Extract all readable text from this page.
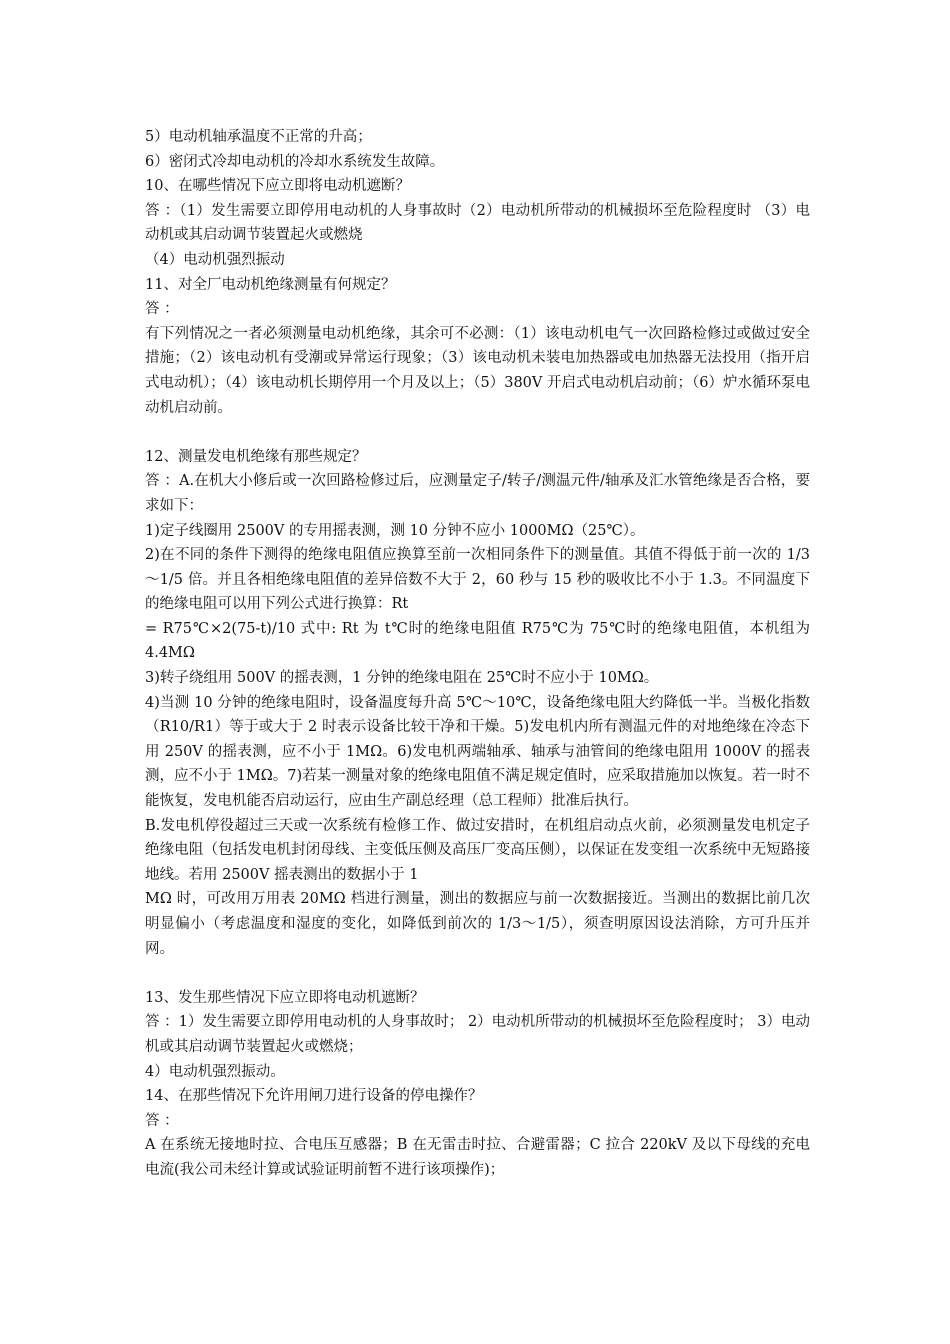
5）电动机轴承温度不正常的升高；

6）密闭式冷却电动机的冷却水系统发生故障。

10、在哪些情况下应立即将电动机遮断？

答 ：（1）发生需要立即停用电动机的人身事故时（2）电动机所带动的机械损坏至危险程度时 （3）电动机或其启动调节装置起火或燃烧

（4）电动机强烈振动

11、对全厂电动机绝缘测量有何规定？

答 ：

有下列情况之一者必须测量电动机绝缘，其余可不必测：（1）该电动机电气一次回路检修过或做过安全措施；（2）该电动机有受潮或异常运行现象；（3）该电动机未装电加热器或电加热器无法投用（指开启式电动机）；（4）该电动机长期停用一个月及以上；（5）380V 开启式电动机启动前；（6）炉水循环泵电动机启动前。

12、测量发电机绝缘有那些规定？

答 ：A.在机大小修后或一次回路检修过后，应测量定子/转子/测温元件/轴承及汇水管绝缘是否合格，要求如下：

1)定子线圈用 2500V 的专用摇表测，测 10 分钟不应小 1000MΩ（25℃）。

2)在不同的条件下测得的绝缘电阻值应换算至前一次相同条件下的测量值。其值不得低于前一次的 1/3～1/5 倍。并且各相绝缘电阻值的差异倍数不大于 2，60 秒与 15 秒的吸收比不小于 1.3。不同温度下的绝缘电阻可以用下列公式进行换算：Rt

= R75℃×2(75-t)/10 式中: Rt 为 t℃时的绝缘电阻值 R75℃为 75℃时的绝缘电阻值，本机组为 4.4MΩ

3)转子绕组用 500V 的摇表测，1 分钟的绝缘电阻在 25℃时不应小于 10MΩ。

4)当测 10 分钟的绝缘电阻时，设备温度每升高 5℃～10℃，设备绝缘电阻大约降低一半。当极化指数（R10/R1）等于或大于 2 时表示设备比较干净和干燥。5)发电机内所有测温元件的对地绝缘在冷态下用 250V 的摇表测，应不小于 1MΩ。6)发电机两端轴承、轴承与油管间的绝缘电阻用 1000V 的摇表测，应不小于 1MΩ。7)若某一测量对象的绝缘电阻值不满足规定值时，应采取措施加以恢复。若一时不能恢复，发电机能否启动运行，应由生产副总经理（总工程师）批准后执行。

B.发电机停役超过三天或一次系统有检修工作、做过安措时，在机组启动点火前，必须测量发电机定子绝缘电阻（包括发电机封闭母线、主变低压侧及高压厂变高压侧），以保证在发变组一次系统中无短路接地线。若用 2500V 摇表测出的数据小于 1

MΩ 时，可改用万用表 20MΩ 档进行测量，测出的数据应与前一次数据接近。当测出的数据比前几次明显偏小（考虑温度和湿度的变化，如降低到前次的 1/3～1/5），须查明原因设法消除，方可升压并网。

13、发生那些情况下应立即将电动机遮断？

答 ：1）发生需要立即停用电动机的人身事故时； 2）电动机所带动的机械损坏至危险程度时； 3）电动机或其启动调节装置起火或燃烧；

4）电动机强烈振动。

14、在那些情况下允许用闸刀进行设备的停电操作？

答 ：

A 在系统无接地时拉、合电压互感器；B 在无雷击时拉、合避雷器；C 拉合 220kV 及以下母线的充电电流(我公司未经计算或试验证明前暂不进行该项操作)；
